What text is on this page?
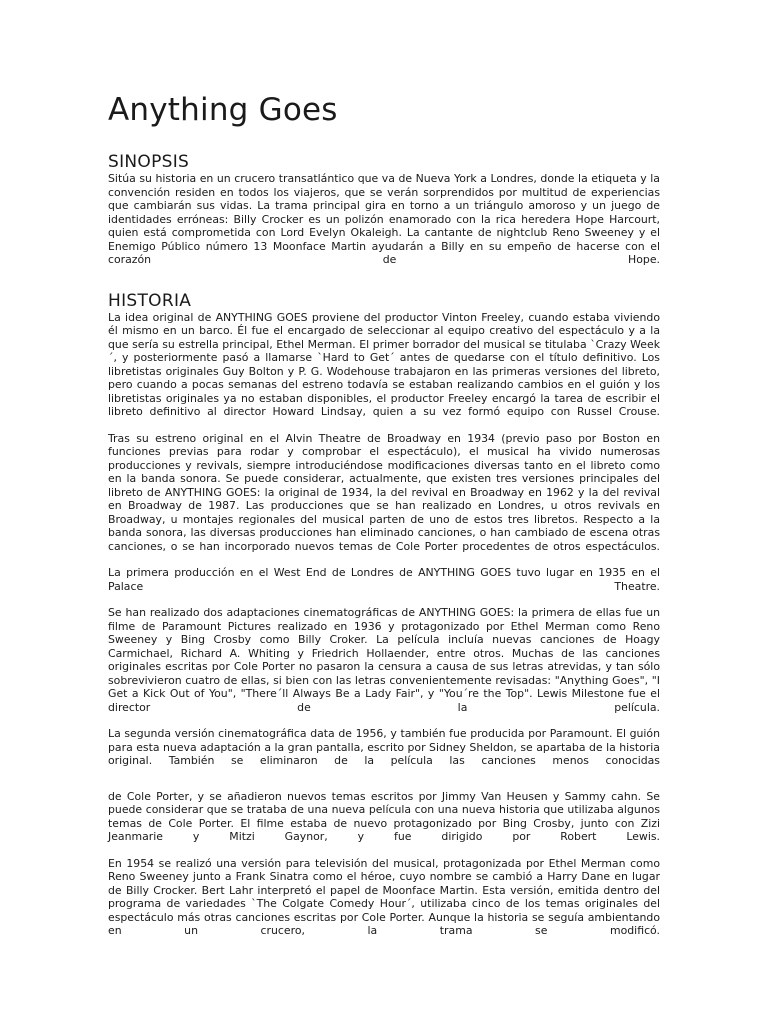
Anything Goes
SINOPSIS

Sitúa su historia en un crucero transatlántico que va de Nueva York a Londres, donde la etiqueta y la convención residen en todos los viajeros, que se verán sorprendidos por multitud de experiencias que cambiarán sus vidas. La trama principal gira en torno a un triángulo amoroso y un juego de identidades erróneas: Billy Crocker es un polizón enamorado con la rica heredera Hope Harcourt, quien está comprometida con Lord Evelyn Okaleigh. La cantante de nightclub Reno Sweeney y el Enemigo Público número 13 Moonface Martin ayudarán a Billy en su empeño de hacerse con el corazón de Hope.

HISTORIA

La idea original de ANYTHING GOES proviene del productor Vinton Freeley, cuando estaba viviendo él mismo en un barco. Él fue el encargado de seleccionar al equipo creativo del espectáculo y a la que sería su estrella principal, Ethel Merman. El primer borrador del musical se titulaba `Crazy Week´, y posteriormente pasó a llamarse `Hard to Get´ antes de quedarse con el título definitivo. Los libretistas originales Guy Bolton y P. G. Wodehouse trabajaron en las primeras versiones del libreto, pero cuando a pocas semanas del estreno todavía se estaban realizando cambios en el guión y los libretistas originales ya no estaban disponibles, el productor Freeley encargó la tarea de escribir el libreto definitivo al director Howard Lindsay, quien a su vez formó equipo con Russel Crouse.

Tras su estreno original en el Alvin Theatre de Broadway en 1934 (previo paso por Boston en funciones previas para rodar y comprobar el espectáculo), el musical ha vivido numerosas producciones y revivals, siempre introduciéndose modificaciones diversas tanto en el libreto como en la banda sonora. Se puede considerar, actualmente, que existen tres versiones principales del libreto de ANYTHING GOES: la original de 1934, la del revival en Broadway en 1962 y la del revival en Broadway de 1987. Las producciones que se han realizado en Londres, u otros revivals en Broadway, u montajes regionales del musical parten de uno de estos tres libretos. Respecto a la banda sonora, las diversas producciones han eliminado canciones, o han cambiado de escena otras canciones, o se han incorporado nuevos temas de Cole Porter procedentes de otros espectáculos.

La primera producción en el West End de Londres de ANYTHING GOES tuvo lugar en 1935 en el Palace Theatre.

Se han realizado dos adaptaciones cinematográficas de ANYTHING GOES: la primera de ellas fue un filme de Paramount Pictures realizado en 1936 y protagonizado por Ethel Merman como Reno Sweeney y Bing Crosby como Billy Croker. La película incluía nuevas canciones de Hoagy Carmichael, Richard A. Whiting y Friedrich Hollaender, entre otros. Muchas de las canciones originales escritas por Cole Porter no pasaron la censura a causa de sus letras atrevidas, y tan sólo sobrevivieron cuatro de ellas, si bien con las letras convenientemente revisadas: "Anything Goes", "I Get a Kick Out of You", "There´ll Always Be a Lady Fair", y "You´re the Top". Lewis Milestone fue el director de la película.

La segunda versión cinematográfica data de 1956, y también fue producida por Paramount. El guión para esta nueva adaptación a la gran pantalla, escrito por Sidney Sheldon, se apartaba de la historia original. También se eliminaron de la película las canciones menos conocidas

de Cole Porter, y se añadieron nuevos temas escritos por Jimmy Van Heusen y Sammy cahn. Se puede considerar que se trataba de una nueva película con una nueva historia que utilizaba algunos temas de Cole Porter. El filme estaba de nuevo protagonizado por Bing Crosby, junto con Zizi Jeanmarie y Mitzi Gaynor, y fue dirigido por Robert Lewis.

En 1954 se realizó una versión para televisión del musical, protagonizada por Ethel Merman como Reno Sweeney junto a Frank Sinatra como el héroe, cuyo nombre se cambió a Harry Dane en lugar de Billy Crocker. Bert Lahr interpretó el papel de Moonface Martin. Esta versión, emitida dentro del programa de variedades `The Colgate Comedy Hour´, utilizaba cinco de los temas originales del espectáculo más otras canciones escritas por Cole Porter. Aunque la historia se seguía ambientando en un crucero, la trama se modificó.
